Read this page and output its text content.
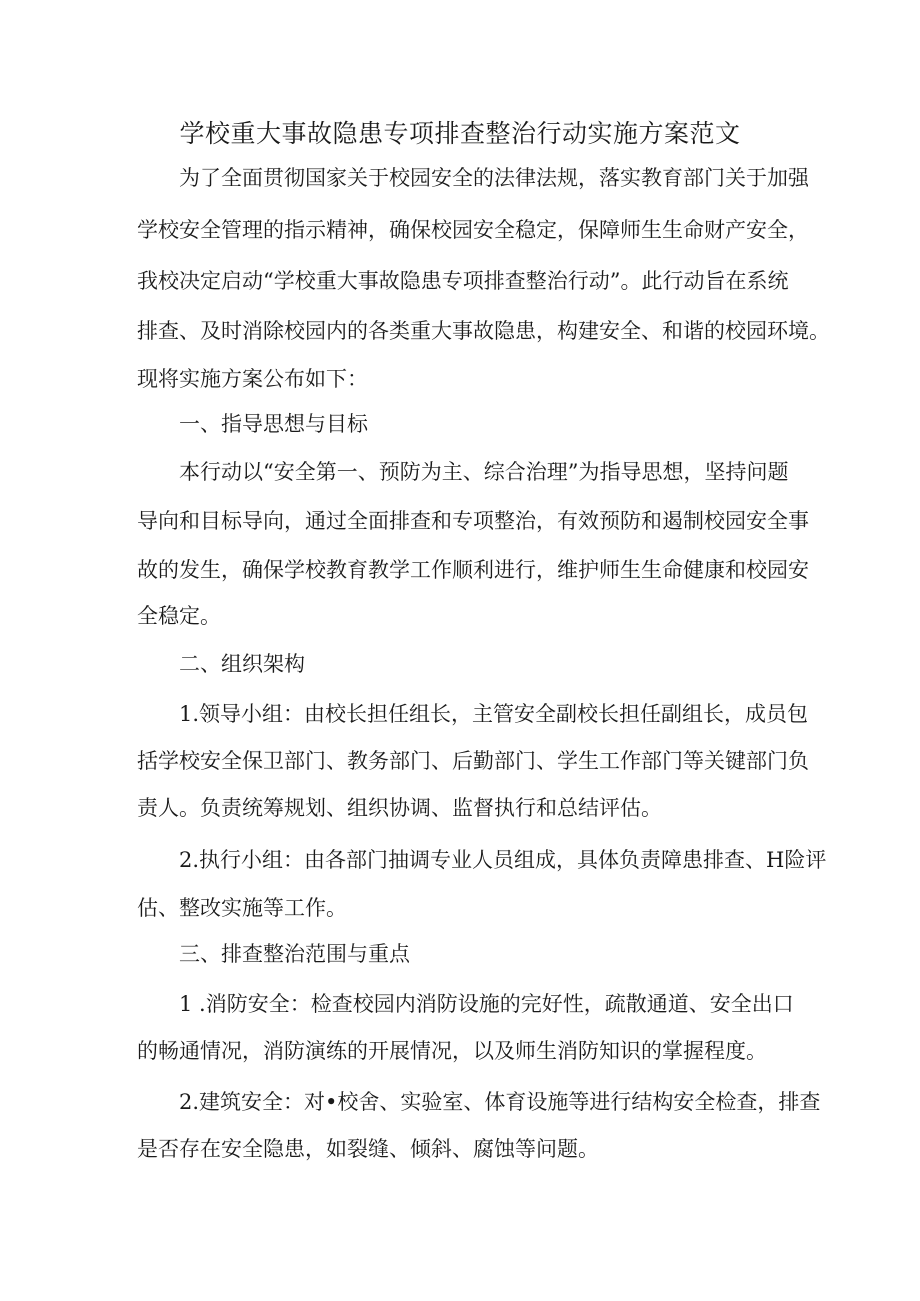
学校重大事故隐患专项排查整治行动实施方案范文

为了全面贯彻国家关于校园安全的法律法规，落实教育部门关于加强

学校安全管理的指示精神，确保校园安全稳定，保障师生生命财产安全，

我校决定启动“学校重大事故隐患专项排查整治行动”。此行动旨在系统

排查、及时消除校园内的各类重大事故隐患，构建安全、和谐的校园环境。

现将实施方案公布如下：

一、指导思想与目标

本行动以“安全第一、预防为主、综合治理”为指导思想，坚持问题

导向和目标导向，通过全面排查和专项整治，有效预防和遏制校园安全事

故的发生，确保学校教育教学工作顺利进行，维护师生生命健康和校园安

全稳定。

二、组织架构

1.领导小组：由校长担任组长，主管安全副校长担任副组长，成员包

括学校安全保卫部门、教务部门、后勤部门、学生工作部门等关键部门负

责人。负责统筹规划、组织协调、监督执行和总结评估。

2.执行小组：由各部门抽调专业人员组成，具体负责障患排查、H险评

估、整改实施等工作。

三、排查整治范围与重点

1 .消防安全：检查校园内消防设施的完好性，疏散通道、安全出口

的畅通情况，消防演练的开展情况，以及师生消防知识的掌握程度。

2.建筑安全：对•校舍、实验室、体育设施等进行结构安全检查，排查

是否存在安全隐患，如裂缝、倾斜、腐蚀等问题。
